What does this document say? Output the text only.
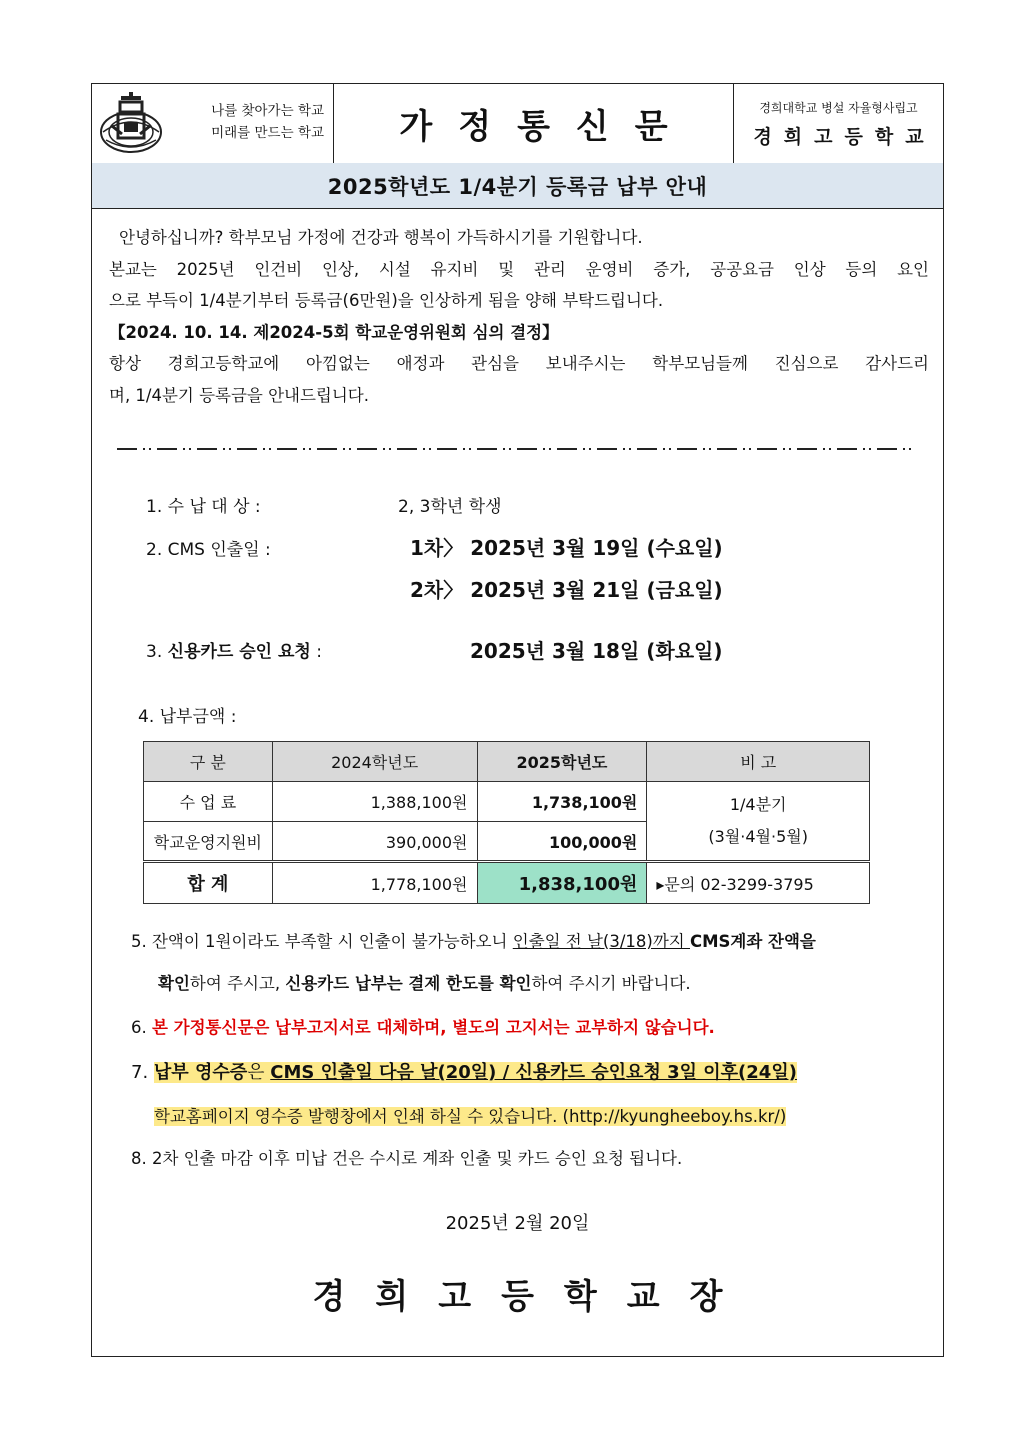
나를 찾아가는 학교
미래를 만드는 학교 가정통신문	경희대학교 병설 자율형사립고
경희고등학교
2025학년도 1/4분기 등록금 납부 안내

안녕하십니까? 학부모님 가정에 건강과 행복이 가득하시기를 기원합니다.

본교는 2025년 인건비 인상, 시설 유지비 및 관리 운영비 증가, 공공요금 인상 등의 요인

으로 부득이 1/4분기부터 등록금(6만원)을 인상하게 됨을 양해 부탁드립니다.

【2024. 10. 14. 제2024-5회 학교운영위원회 심의 결정】

항상 경희고등학교에 아낌없는 애정과 관심을 보내주시는 학부모님들께 진심으로 감사드리

며, 1/4분기 등록금을 안내드립니다.

1. 수 납 대 상 :	2, 3학년 학생
2. CMS 인출일 :	1차〉 2025년 3월 19일 (수요일)
2차〉 2025년 3월 21일 (금요일)
3. 신용카드 승인 요청 :	2025년 3월 18일 (화요일)
4. 납부금액 :
구 분	2024학년도	2025학년도	비 고
수 업 료	1,388,100원	1,738,100원	1/4분기
(3월·4월·5월)

학교운영지원비	390,000원	100,000원	
합 계	1,778,100원	1,838,100원	▸문의 02-3299-3795
5. 잔액이 1원이라도 부족할 시 인출이 불가능하오니 인출일 전 날(3/18)까지 CMS계좌 잔액을
확인하여 주시고, 신용카드 납부는 결제 한도를 확인하여 주시기 바랍니다.
6. 본 가정통신문은 납부고지서로 대체하며, 별도의 고지서는 교부하지 않습니다.
7. 납부 영수증은 CMS 인출일 다음 날(20일) / 신용카드 승인요청 3일 이후(24일)
학교홈페이지 영수증 발행창에서 인쇄 하실 수 있습니다. (http://kyungheeboy.hs.kr/)
8. 2차 인출 마감 이후 미납 건은 수시로 계좌 인출 및 카드 승인 요청 됩니다.
2025년 2월 20일
경희고등학교장
